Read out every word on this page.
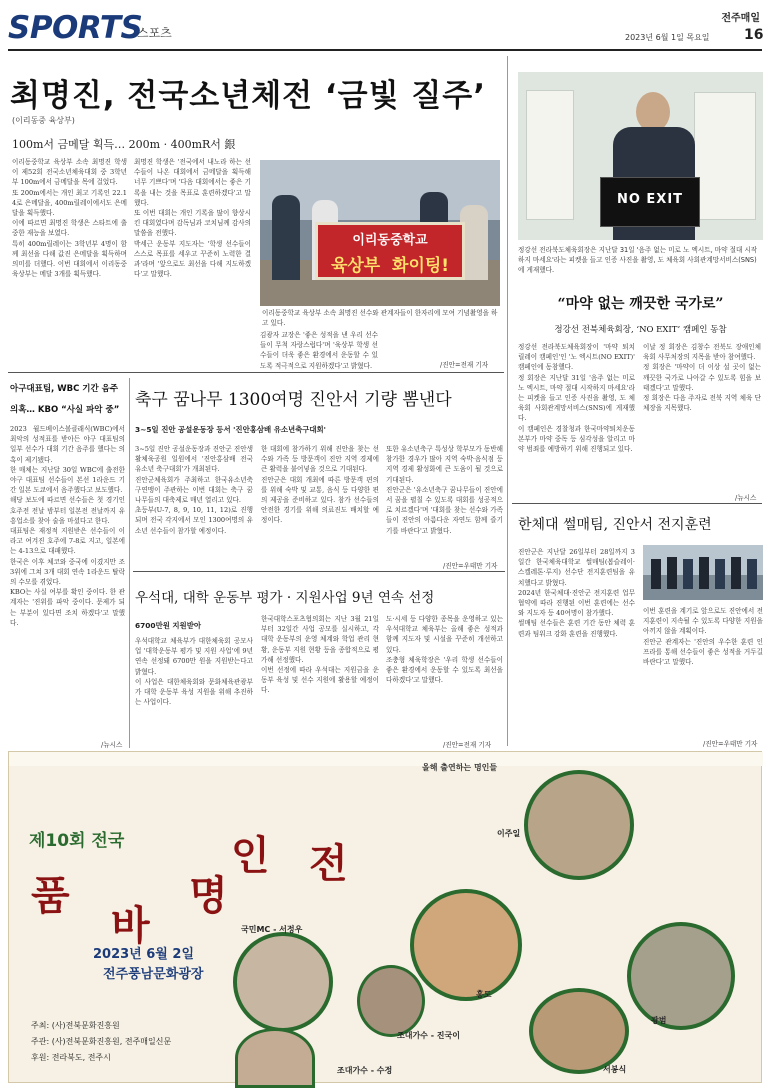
SPORTS
스포츠
전주매일
2023년 6월 1일 목요일 16
최명진, 전국소년체전 ‘금빛 질주’
(이리동중 육상부)
100m서 금메달 획득… 200m · 400mR서 銀
이리동중학교 육상부 소속 최명진 학생이 제52회 전국소년체육대회 중 3학년부 100m에서 금메달을 목에 걸었다.
또 200m에서는 개인 최고 기록인 22.14로 은메달을, 400m릴레이에서도 은메달을 획득했다.
이에 따르면 최명진 학생은 스타트에 출중한 재능을 보였다.
특히 400m릴레이는 3학년부 4명이 함께 최선을 다해 값진 은메달을 획득하며 의미를 더했다. 이번 대회에서 이리동중 육상부는 메달 3개를 획득했다.
최명진 학생은 '전국에서 내노라 하는 선수들이 나온 대회에서 금메달을 획득해 너무 기쁘다'며 '다음 대회에서는 좋은 기록을 내는 것을 목표로 훈련하겠다'고 말했다.
또 이번 대회는 개인 기록을 많이 향상시킨 대회였다며 감독님과 코치님께 감사의 말씀을 전했다.
박세근 운동부 지도자는 '학생 선수들이 스스로 목표를 세우고 꾸준히 노력한 결과'라며 '앞으로도 최선을 다해 지도하겠다'고 말했다.
이리동중학교
육상부  화이팅!
이리동중학교 육상부 소속 최명진 선수와 관계자들이 한자리에 모여 기념촬영을 하고 있다.
김광자 교장은 '좋은 성적을 낸 우리 선수들이 무척 자랑스럽다'며 '육상부 학생 선수들이 더욱 좋은 환경에서 운동할 수 있도록 적극적으로 지원하겠다'고 밝혔다.	/진안=전재 기자
NO EXIT
정강선 전라북도체육회장은 지난달 31일 '음주 없는 미로 노 엑시트, 마약 절대 시작하지 마세요'라는 피켓을 들고 인증 사진을 촬영, 도 체육회 사회관계망서비스(SNS)에 게재했다.
“마약 없는 깨끗한 국가로”
정강선 전북체육회장, ‘NO EXIT’ 캠페인 동참
정강선 전라북도체육회장이 '마약 퇴치 릴레이 캠페인'인 '노 엑시트(NO EXIT)' 캠페인에 동참했다.
정 회장은 지난달 31일 '음주 없는 미로 노 엑시트, 마약 절대 시작하지 마세요'라는 피켓을 들고 인증 사진을 촬영, 도 체육회 사회관계망서비스(SNS)에 게재했다.
이 캠페인은 경찰청과 한국마약퇴치운동본부가 마약 중독 등 심각성을 알리고 마약 범죄를 예방하기 위해 진행되고 있다.
이날 정 회장은 김창수 전북도 장애인체육회 사무처장의 지목을 받아 참여했다.
정 회장은 '마약이 더 이상 설 곳이 없는 깨끗한 국가로 나아갈 수 있도록 힘을 보태겠다'고 말했다.
정 회장은 다음 주자로 전북 지역 체육 단체장을 지목했다.
/뉴시스
아구대표팀, WBC 기간 음주
의혹… KBO “사실 파악 중”
2023 월드베이스볼클래식(WBC)에서 최악의 성적표를 받아든 야구 대표팀의 일부 선수가 대회 기간 음주를 했다는 의혹이 제기됐다.
한 매체는 지난달 30일 WBC에 출전한 야구 대표팀 선수들이 본선 1라운드 기간 일본 도쿄에서 음주했다고 보도했다.
해당 보도에 따르면 선수들은 첫 경기인 호주전 전날 밤부터 일본전 전날까지 유흥업소를 찾아 술을 마셨다고 한다.
대표팀은 재정적 지원받은 선수들이 이라고 여겨진 호주에 7-8로 지고, 일본에는 4-13으로 대패했다.
한국은 이후 체코와 중국에 이겼지만 조 3위에 그쳐 3개 대회 연속 1라운드 탈락의 수모를 겪었다.
KBO는 사실 여부를 확인 중이다. 한 관계자는 '진위를 파악 중이다. 문제가 되는 부분이 있다면 조치 하겠다'고 말했다.
/뉴시스
축구 꿈나무 1300여명 진안서 기량 뽐낸다
3~5일 진안 공설운동장 등서 '진안홍삼배 유소년축구대회'
3~5일 진안 공설운동장과 진안군 진안생활체육공원 일원에서 '진안홍삼배 전국 유소년 축구대회'가 개최된다.
진안군체육회가 주최하고 한국유소년축구연맹이 주관하는 이번 대회는 축구 꿈나무들의 대축제로 매년 열리고 있다.
초등부(U-7, 8, 9, 10, 11, 12)로 진행되며 전국 각지에서 모인 1300여명의 유소년 선수들이 참가할 예정이다.
한 대회에 참가하기 위해 진안을 찾는 선수와 가족 등 방문객이 진안 지역 경제에 큰 활력을 불어넣을 것으로 기대된다.
진안군은 대회 개최에 따른 방문객 편의를 위해 숙박 및 교통, 음식 등 다양한 편의 제공을 준비하고 있다. 참가 선수들의 안전한 경기를 위해 의료진도 배치할 예정이다.
또한 유소년축구 특성상 학부모가 동반해 참가한 경우가 많아 지역 숙박·음식점 등 지역 경제 활성화에 큰 도움이 될 것으로 기대된다.
진안군은 '유소년축구 꿈나무들이 진안에서 꿈을 펼칠 수 있도록 대회를 성공적으로 치르겠다'며 '대회를 찾는 선수와 가족들이 진안의 아름다운 자연도 함께 즐기기를 바란다'고 밝혔다.
/진안=우태만 기자
한체대 썰매팀, 진안서 전지훈련
진안군은 지난달 26일부터 28일까지 3일간 한국체육대학교 썰매팀(봅슬레이·스켈레톤·루지) 선수단 전지훈련팀을 유치했다고 밝혔다.
2024년 한국체대·진안군 전지훈련 업무 협약에 따라 진행된 이번 훈련에는 선수와 지도자 등 40여명이 참가했다.
썰매팀 선수들은 훈련 기간 동안 체력 훈련과 팀워크 강화 훈련을 진행했다.
이번 훈련을 계기로 앞으로도 진안에서 전지훈련이 지속될 수 있도록 다양한 지원을 아끼지 않을 계획이다.
진안군 관계자는 '진안의 우수한 훈련 인프라를 통해 선수들이 좋은 성적을 거두길 바란다'고 말했다.
/진안=우태만 기자
우석대, 대학 운동부 평가 · 지원사업 9년 연속 선정
6700만원 지원받아
우석대학교 체육부가 대한체육회 공모사업 '대학운동부 평가 및 지원 사업'에 9년 연속 선정돼 6700만 원을 지원받는다고 밝혔다.
이 사업은 대한체육회와 문화체육관광부가 대학 운동부 육성 지원을 위해 추진하는 사업이다.
한국대학스포츠협의회는 지난 3월 21일부터 32일간 사업 공모를 실시하고, 각 대학 운동부의 운영 체계와 학업 관리 현황, 운동부 지원 현황 등을 종합적으로 평가해 선정했다.
이번 선정에 따라 우석대는 지원금을 운동부 육성 및 선수 지원에 활용할 예정이다.
도·시세 등 다양한 종목을 운영하고 있는 우석대학교 체육부는 올해 좋은 성적과 함께 지도자 및 시설을 꾸준히 개선하고 있다.
조충형 체육학장은 '우리 학생 선수들이 좋은 환경에서 운동할 수 있도록 최선을 다하겠다'고 말했다.
/진안=전재 기자
제10회 전국
품
바
명
인 전
2023년 6월 2일
전주풍남문화광장
올해 출연하는 명인들
이주일
국민MC - 서정우
홍도
광범
조대가수 - 진국이
서봉식
조대가수 - 수정
주최: (사)전북문화진흥원
주관: (사)전북문화진흥원, 전주매일신문
후원: 전라북도, 전주시
